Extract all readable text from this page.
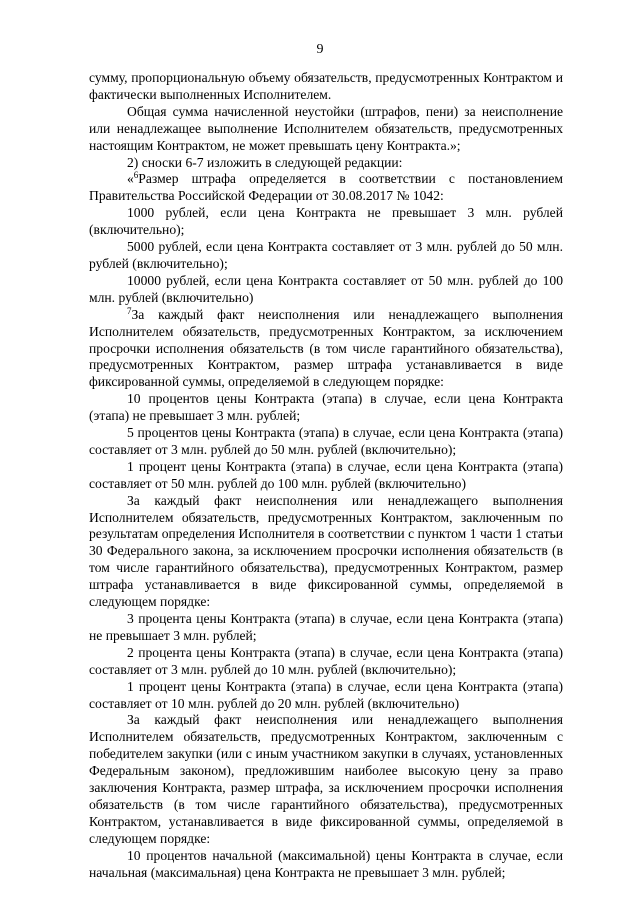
9

сумму, пропорциональную объему обязательств, предусмотренных Контрактом и фактически выполненных Исполнителем.

Общая сумма начисленной неустойки (штрафов, пени) за неисполнение или ненадлежащее выполнение Исполнителем обязательств, предусмотренных настоящим Контрактом, не может превышать цену Контракта.»;

2) сноски 6-7 изложить в следующей редакции:

«$^6$Размер штрафа определяется в соответствии с постановлением Правительства Российской Федерации от 30.08.2017 № 1042:

1000 рублей, если цена Контракта не превышает 3 млн. рублей (включительно);

5000 рублей, если цена Контракта составляет от 3 млн. рублей до 50 млн. рублей (включительно);

10000 рублей, если цена Контракта составляет от 50 млн. рублей до 100 млн. рублей (включительно)

$^7$За каждый факт неисполнения или ненадлежащего выполнения Исполнителем обязательств, предусмотренных Контрактом, за исключением просрочки исполнения обязательств (в том числе гарантийного обязательства), предусмотренных Контрактом, размер штрафа устанавливается в виде фиксированной суммы, определяемой в следующем порядке:

10 процентов цены Контракта (этапа) в случае, если цена Контракта (этапа) не превышает 3 млн. рублей;

5 процентов цены Контракта (этапа) в случае, если цена Контракта (этапа) составляет от 3 млн. рублей до 50 млн. рублей (включительно);

1 процент цены Контракта (этапа) в случае, если цена Контракта (этапа) составляет от 50 млн. рублей до 100 млн. рублей (включительно)

За каждый факт неисполнения или ненадлежащего выполнения Исполнителем обязательств, предусмотренных Контрактом, заключенным по результатам определения Исполнителя в соответствии с пунктом 1 части 1 статьи 30 Федерального закона, за исключением просрочки исполнения обязательств (в том числе гарантийного обязательства), предусмотренных Контрактом, размер штрафа устанавливается в виде фиксированной суммы, определяемой в следующем порядке:

3 процента цены Контракта (этапа) в случае, если цена Контракта (этапа) не превышает 3 млн. рублей;

2 процента цены Контракта (этапа) в случае, если цена Контракта (этапа) составляет от 3 млн. рублей до 10 млн. рублей (включительно);

1 процент цены Контракта (этапа) в случае, если цена Контракта (этапа) составляет от 10 млн. рублей до 20 млн. рублей (включительно)

За каждый факт неисполнения или ненадлежащего выполнения Исполнителем обязательств, предусмотренных Контрактом, заключенным с победителем закупки (или с иным участником закупки в случаях, установленных Федеральным законом), предложившим наиболее высокую цену за право заключения Контракта, размер штрафа, за исключением просрочки исполнения обязательств (в том числе гарантийного обязательства), предусмотренных Контрактом, устанавливается в виде фиксированной суммы, определяемой в следующем порядке:

10 процентов начальной (максимальной) цены Контракта в случае, если начальная (максимальная) цена Контракта не превышает 3 млн. рублей;
